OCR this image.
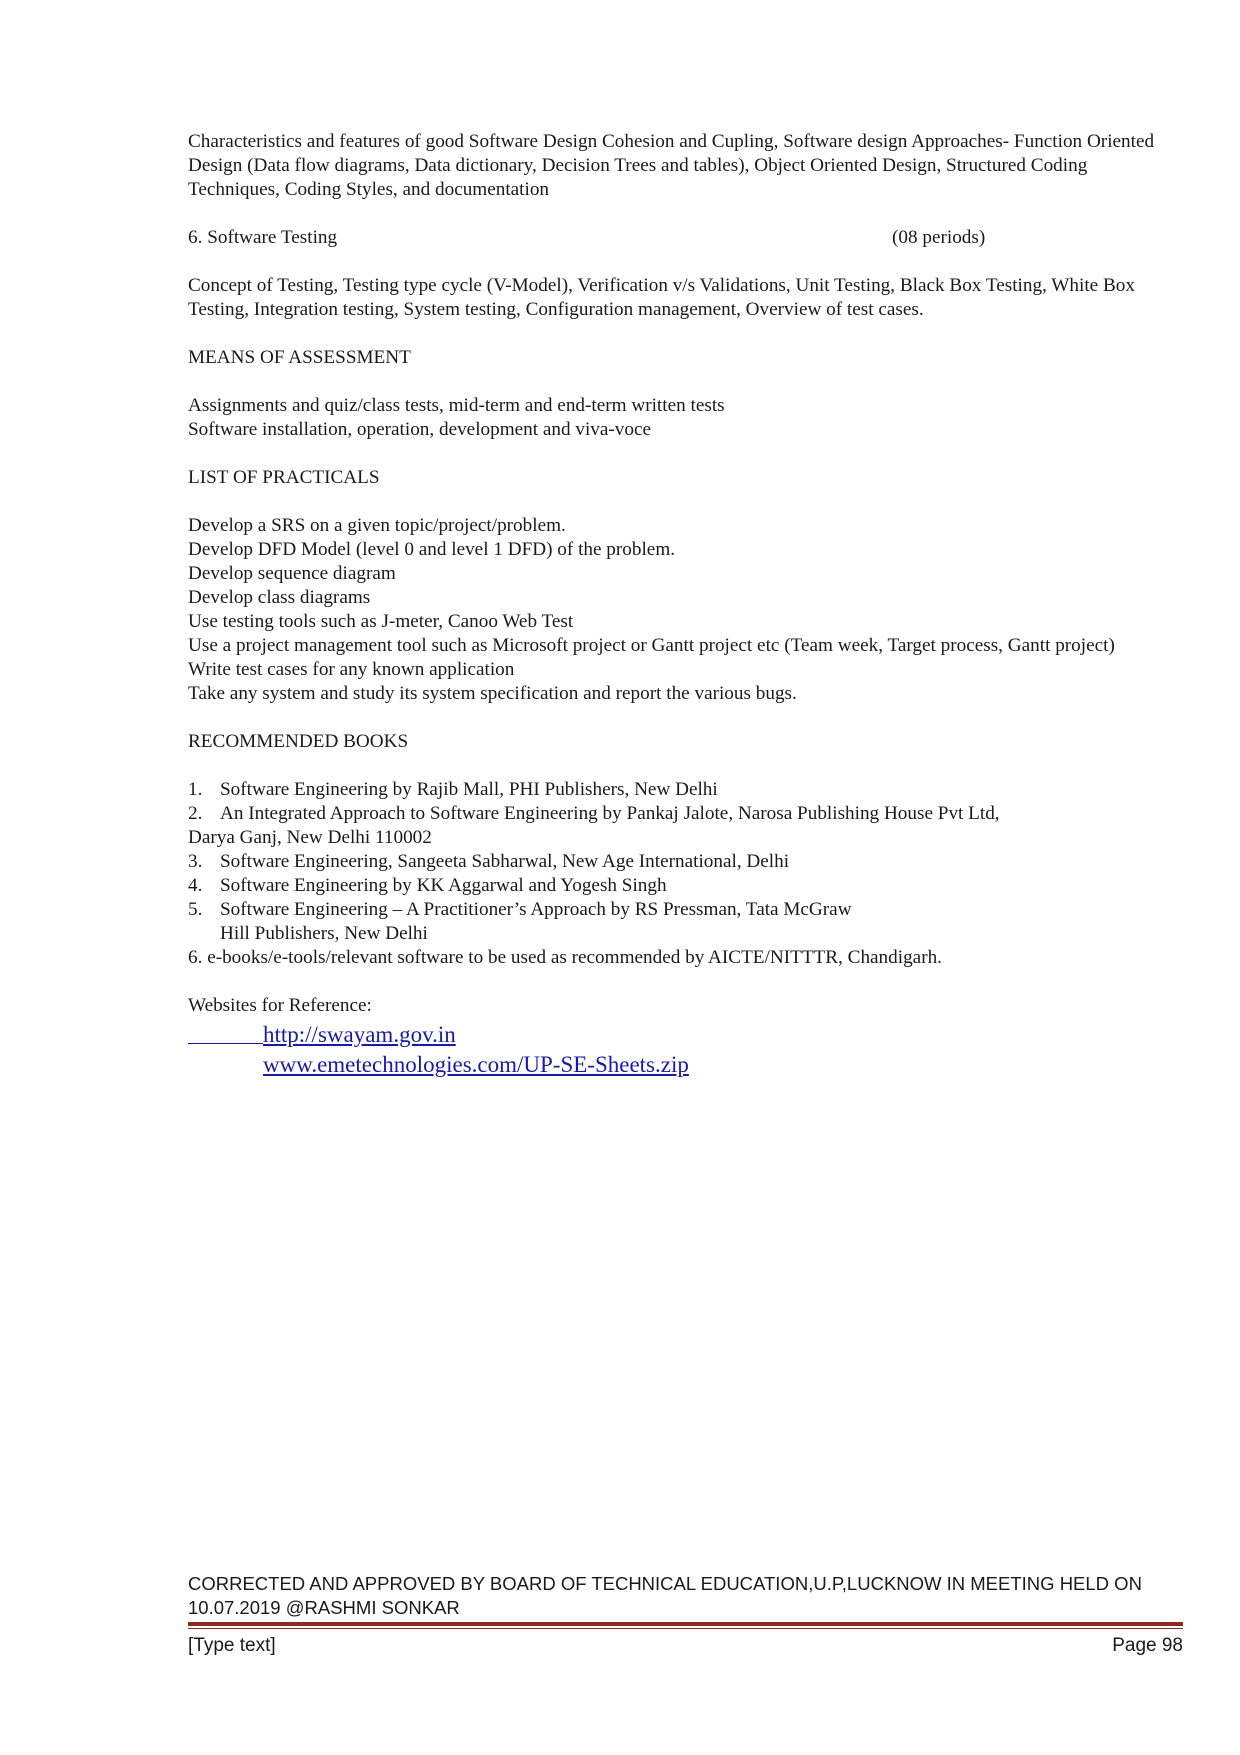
Characteristics and features of good Software Design Cohesion and Cupling, Software design Approaches- Function Oriented Design (Data flow diagrams, Data dictionary, Decision Trees and tables), Object Oriented Design, Structured Coding Techniques, Coding Styles, and documentation

6. Software Testing	(08 periods)

Concept of Testing, Testing type cycle (V-Model), Verification v/s Validations, Unit Testing, Black Box Testing, White Box Testing, Integration testing, System testing, Configuration management, Overview of test cases.

MEANS OF ASSESSMENT

Assignments and quiz/class tests, mid-term and end-term written tests

Software installation, operation, development and viva-voce

LIST OF PRACTICALS

Develop a SRS on a given topic/project/problem.

Develop DFD Model (level 0 and level 1 DFD) of the problem.

Develop sequence diagram

Develop class diagrams

Use testing tools such as J-meter, Canoo Web Test

Use a project management tool such as Microsoft project or Gantt project etc (Team week, Target process, Gantt project)

Write test cases for any known application

Take any system and study its system specification and report the various bugs.

RECOMMENDED BOOKS

1. Software Engineering by Rajib Mall, PHI Publishers, New Delhi
2. An Integrated Approach to Software Engineering by Pankaj Jalote, Narosa Publishing House Pvt Ltd,
Darya Ganj, New Delhi 110002
3. Software Engineering, Sangeeta Sabharwal, New Age International, Delhi
4. Software Engineering by KK Aggarwal and Yogesh Singh
5. Software Engineering – A Practitioner’s Approach by RS Pressman, Tata McGraw
Hill Publishers, New Delhi
6. e-books/e-tools/relevant software to be used as recommended by AICTE/NITTTR, Chandigarh.

Websites for Reference:

http://swayam.gov.in
www.emetechnologies.com/UP-SE-Sheets.zip
CORRECTED AND APPROVED BY BOARD OF TECHNICAL EDUCATION,U.P,LUCKNOW IN MEETING HELD ON 10.07.2019 @RASHMI SONKAR
[Type text]	Page 98
